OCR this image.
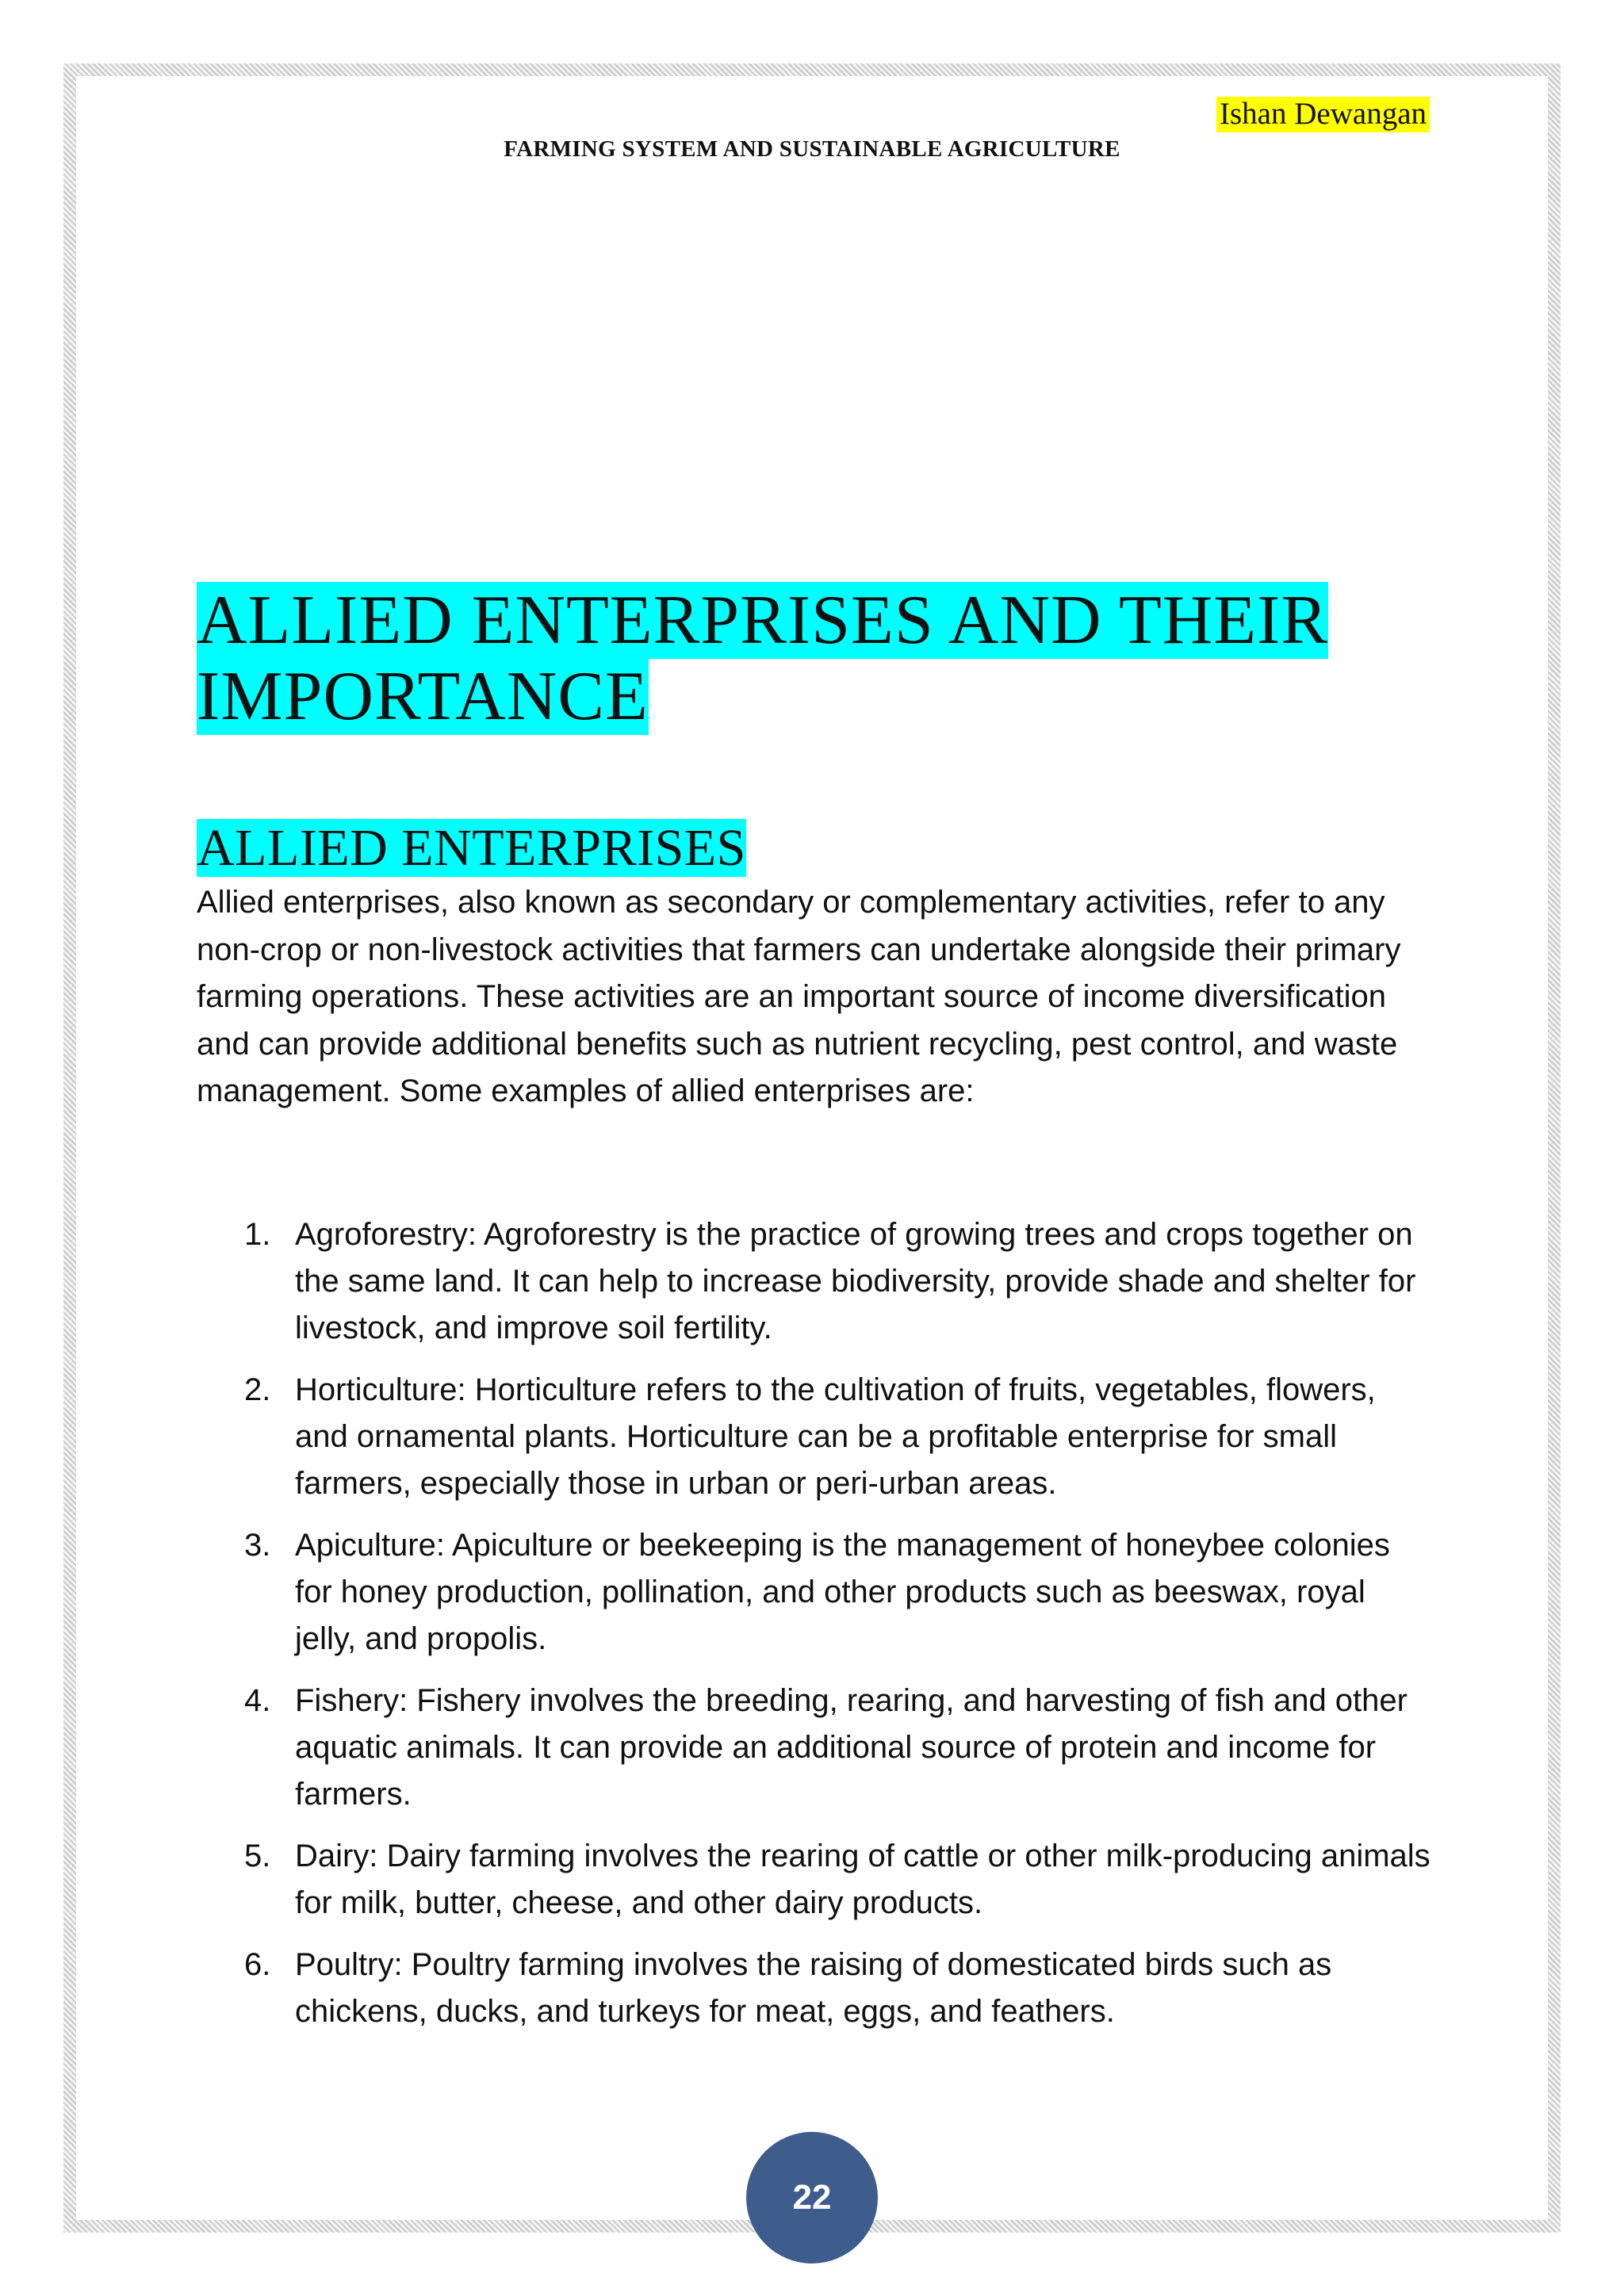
Ishan Dewangan
FARMING SYSTEM AND SUSTAINABLE AGRICULTURE
ALLIED ENTERPRISES AND THEIR IMPORTANCE
ALLIED ENTERPRISES

Allied enterprises, also known as secondary or complementary activities, refer to any non-crop or non-livestock activities that farmers can undertake alongside their primary farming operations. These activities are an important source of income diversification and can provide additional benefits such as nutrient recycling, pest control, and waste management. Some examples of allied enterprises are:

1. Agroforestry: Agroforestry is the practice of growing trees and crops together on the same land. It can help to increase biodiversity, provide shade and shelter for livestock, and improve soil fertility.
2. Horticulture: Horticulture refers to the cultivation of fruits, vegetables, flowers, and ornamental plants. Horticulture can be a profitable enterprise for small farmers, especially those in urban or peri-urban areas.
3. Apiculture: Apiculture or beekeeping is the management of honeybee colonies for honey production, pollination, and other products such as beeswax, royal jelly, and propolis.
4. Fishery: Fishery involves the breeding, rearing, and harvesting of fish and other aquatic animals. It can provide an additional source of protein and income for farmers.
5. Dairy: Dairy farming involves the rearing of cattle or other milk-producing animals for milk, butter, cheese, and other dairy products.
6. Poultry: Poultry farming involves the raising of domesticated birds such as chickens, ducks, and turkeys for meat, eggs, and feathers.
22
